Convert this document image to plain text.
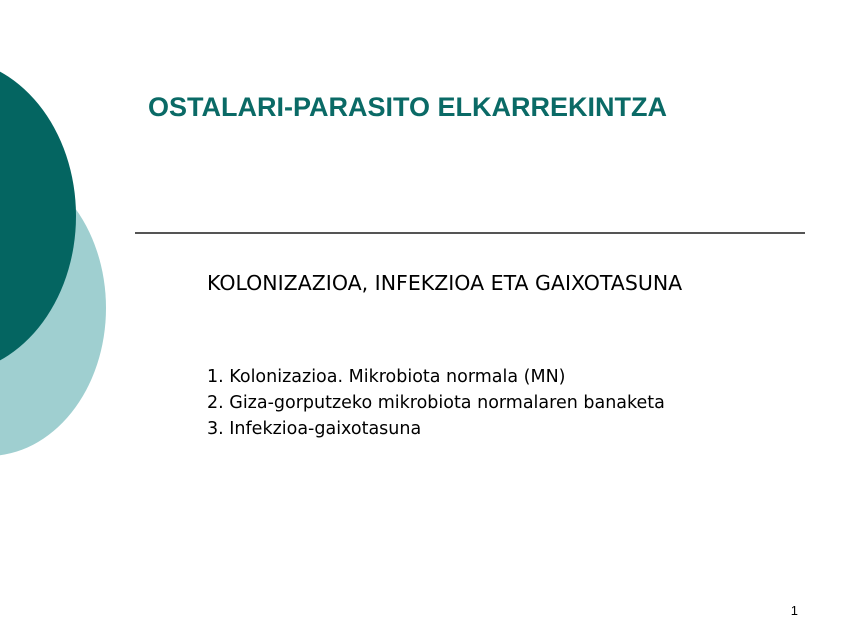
OSTALARI-PARASITO ELKARREKINTZA
KOLONIZAZIOA, INFEKZIOA ETA GAIXOTASUNA
1. Kolonizazioa. Mikrobiota normala (MN)
2. Giza-gorputzeko mikrobiota normalaren banaketa
3. Infekzioa-gaixotasuna
1
